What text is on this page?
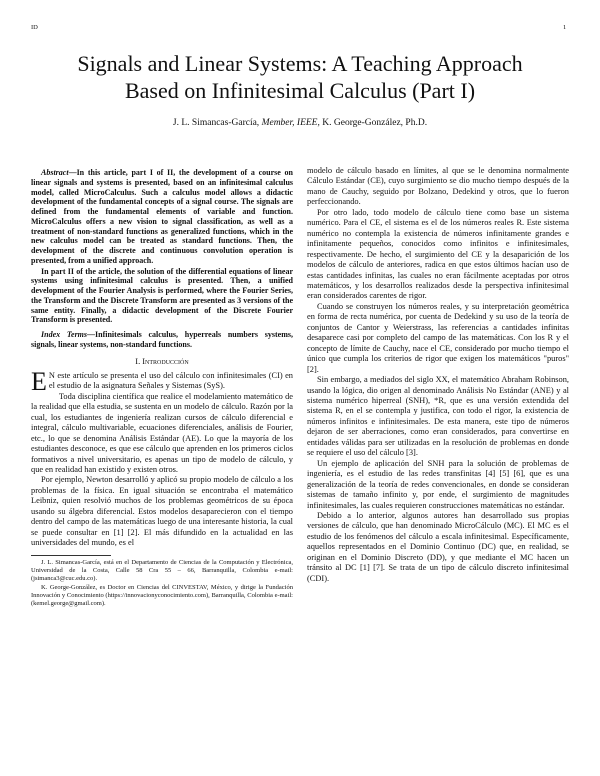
ID	1
Signals and Linear Systems: A Teaching Approach
Based on Infinitesimal Calculus (Part I)
J. L. Simancas-García, Member, IEEE, K. George-González, Ph.D.

Abstract—In this article, part I of II, the development of a course on linear signals and systems is presented, based on an infinitesimal calculus model, called MicroCalculus. Such a calculus model allows a didactic development of the fundamental concepts of a signal course. The signals are defined from the fundamental elements of variable and function. MicroCalculus offers a new vision to signal classification, as well as a treatment of non-standard functions as generalized functions, which in the new calculus model can be treated as standard functions. Then, the development of the discrete and continuous convolution operation is presented, from a unified approach.

In part II of the article, the solution of the differential equations of linear systems using infinitesimal calculus is presented. Then, a unified development of the Fourier Analysis is performed, where the Fourier Series, the Transform and the Discrete Transform are presented as 3 versions of the same entity. Finally, a didactic development of the Discrete Fourier Transform is presented.

Index Terms—Infinitesimals calculus, hyperreals numbers systems, signals, linear systems, non-standard functions.

I. Introducción

E N este artículo se presenta el uso del cálculo con infinitesimales (CI) en el estudio de la asignatura Señales y Sistemas (SyS).

Toda disciplina científica que realice el modelamiento matemático de la realidad que ella estudia, se sustenta en un modelo de cálculo. Razón por la cual, los estudiantes de ingeniería realizan cursos de cálculo diferencial e integral, cálculo multivariable, ecuaciones diferenciales, análisis de Fourier, etc., lo que se denomina Análisis Estándar (AE). Lo que la mayoría de los estudiantes desconoce, es que ese cálculo que aprenden en los primeros ciclos formativos a nivel universitario, es apenas un tipo de modelo de cálculo, y que en realidad han existido y existen otros.

Por ejemplo, Newton desarrolló y aplicó su propio modelo de cálculo a los problemas de la física. En igual situación se encontraba el matemático Leibniz, quien resolvió muchos de los problemas geométricos de su época usando su álgebra diferencial. Estos modelos desaparecieron con el tiempo dentro del campo de las matemáticas luego de una interesante historia, la cual se puede consultar en [1] [2]. El más difundido en la actualidad en las universidades del mundo, es el

J. L. Simancas-García, está en el Departamento de Ciencias de la Computación y Electrónica, Universidad de la Costa, Calle 58 Cra 55 – 66, Barranquilla, Colombia e-mail: (jsimanca3@cuc.edu.co).

K. George-González, es Doctor en Ciencias del CINVESTAV, México, y dirige la Fundación Innovación y Conocimiento (https://innovacionyconocimiento.com), Barranquilla, Colombia e-mail: (kemel.george@gmail.com).

modelo de cálculo basado en límites, al que se le denomina normalmente Cálculo Estándar (CE), cuyo surgimiento se dio mucho tiempo después de la mano de Cauchy, seguido por Bolzano, Dedekind y otros, que lo fueron perfeccionando.

Por otro lado, todo modelo de cálculo tiene como base un sistema numérico. Para el CE, el sistema es el de los números reales R. Este sistema numérico no contempla la existencia de números infinitamente grandes e infinitamente pequeños, conocidos como infinitos e infinitesimales, respectivamente. De hecho, el surgimiento del CE y la desaparición de los modelos de cálculo de anteriores, radica en que estos últimos hacían uso de estas cantidades infinitas, las cuales no eran fácilmente aceptadas por otros matemáticos, y los desarrollos realizados desde la perspectiva infinitesimal eran considerados carentes de rigor.

Cuando se construyen los números reales, y su interpretación geométrica en forma de recta numérica, por cuenta de Dedekind y su uso de la teoría de conjuntos de Cantor y Weierstrass, las referencias a cantidades infinitas desaparece casi por completo del campo de las matemáticas. Con los R y el concepto de límite de Cauchy, nace el CE, considerado por mucho tiempo el único que cumpla los criterios de rigor que exigen los matemáticos "puros" [2].

Sin embargo, a mediados del siglo XX, el matemático Abraham Robinson, usando la lógica, dio origen al denominado Análisis No Estándar (ANE) y al sistema numérico hiperreal (SNH), *R, que es una versión extendida del sistema R, en el se contempla y justifica, con todo el rigor, la existencia de números infinitos e infinitesimales. De esta manera, este tipo de números dejaron de ser aberraciones, como eran considerados, para convertirse en entidades válidas para ser utilizadas en la resolución de problemas en donde se requiere el uso del cálculo [3].

Un ejemplo de aplicación del SNH para la solución de problemas de ingeniería, es el estudio de las redes transfinitas [4] [5] [6], que es una generalización de la teoría de redes convencionales, en donde se consideran sistemas de tamaño infinito y, por ende, el surgimiento de magnitudes infinitesimales, las cuales requieren construcciones matemáticas no estándar.

Debido a lo anterior, algunos autores han desarrollado sus propias versiones de cálculo, que han denominado MicroCálculo (MC). El MC es el estudio de los fenómenos del cálculo a escala infinitesimal. Específicamente, aquellos representados en el Dominio Continuo (DC) que, en realidad, se originan en el Dominio Discreto (DD), y que mediante el MC hacen un tránsito al DC [1] [7]. Se trata de un tipo de cálculo discreto infinitesimal (CDI).
